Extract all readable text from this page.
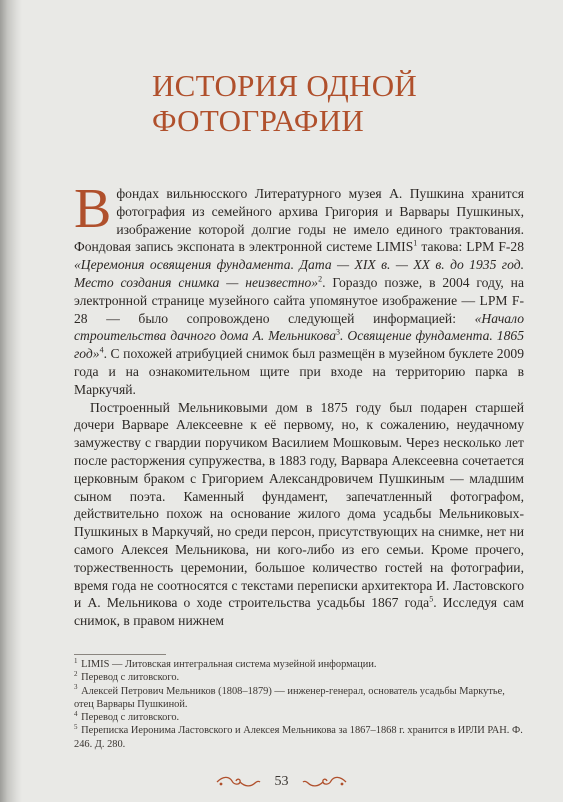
ИСТОРИЯ ОДНОЙ
ФОТОГРАФИИ

В фондах вильнюсского Литературного музея А. Пушкина хранится фотография из семейного архива Григория и Варвары Пушкиных, изображение которой долгие годы не имело единого трактования. Фондовая запись экспоната в электронной системе LIMIS$^1$ такова: LPM F-28 «Церемония освящения фундамента. Дата — XIX в. — XX в. до 1935 год. Место создания снимка — неизвестно»$^2$. Гораздо позже, в 2004 году, на электронной странице музейного сайта упомянутое изображение — LPM F-28 — было сопровождено следующей информацией: «Начало строительства дачного дома А. Мельникова$^3$. Освящение фундамента. 1865 год»$^4$. С похожей атрибуцией снимок был размещён в музейном буклете 2009 года и на ознакомительном щите при входе на территорию парка в Маркучяй.

Построенный Мельниковыми дом в 1875 году был подарен старшей дочери Варваре Алексеевне к её первому, но, к сожалению, неудачному замужеству с гвардии поручиком Василием Мошковым. Через несколько лет после расторжения супружества, в 1883 году, Варвара Алексеевна сочетается церковным браком с Григорием Александровичем Пушкиным — младшим сыном поэта. Каменный фундамент, запечатленный фотографом, действительно похож на основание жилого дома усадьбы Мельниковых-Пушкиных в Маркучяй, но среди персон, присутствующих на снимке, нет ни самого Алексея Мельникова, ни кого-либо из его семьи. Кроме прочего, торжественность церемонии, большое количество гостей на фотографии, время года не соотносятся с текстами переписки архитектора И. Ластовского и А. Мельникова о ходе строительства усадьбы 1867 года$^5$. Исследуя сам снимок, в правом нижнем

$^1$ LIMIS — Литовская интегральная система музейной информации.
$^2$ Перевод с литовского.
$^3$ Алексей Петрович Мельников (1808–1879) — инженер-генерал, основатель усадьбы Маркутье, отец Варвары Пушкиной.
$^4$ Перевод с литовского.
$^5$ Переписка Иеронима Ластовского и Алексея Мельникова за 1867–1868 г. хранится в ИРЛИ РАН. Ф. 246. Д. 280.
53
